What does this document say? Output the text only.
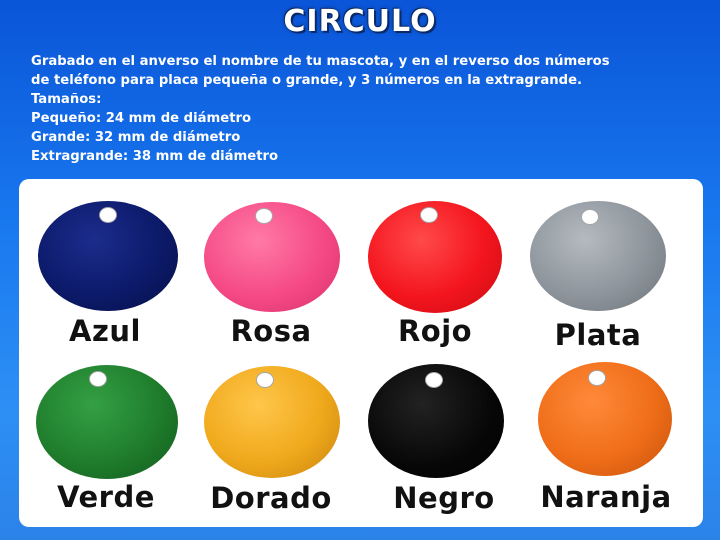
CIRCULO
Grabado en el anverso el nombre de tu mascota, y en el reverso dos números
de teléfono para placa pequeña o grande, y 3 números en la extragrande.
Tamaños:
Pequeño: 24 mm de diámetro
Grande: 32 mm de diámetro
Extragrande: 38 mm de diámetro
Azul	Rosa	Rojo	Plata
Verde	Dorado	Negro	Naranja
